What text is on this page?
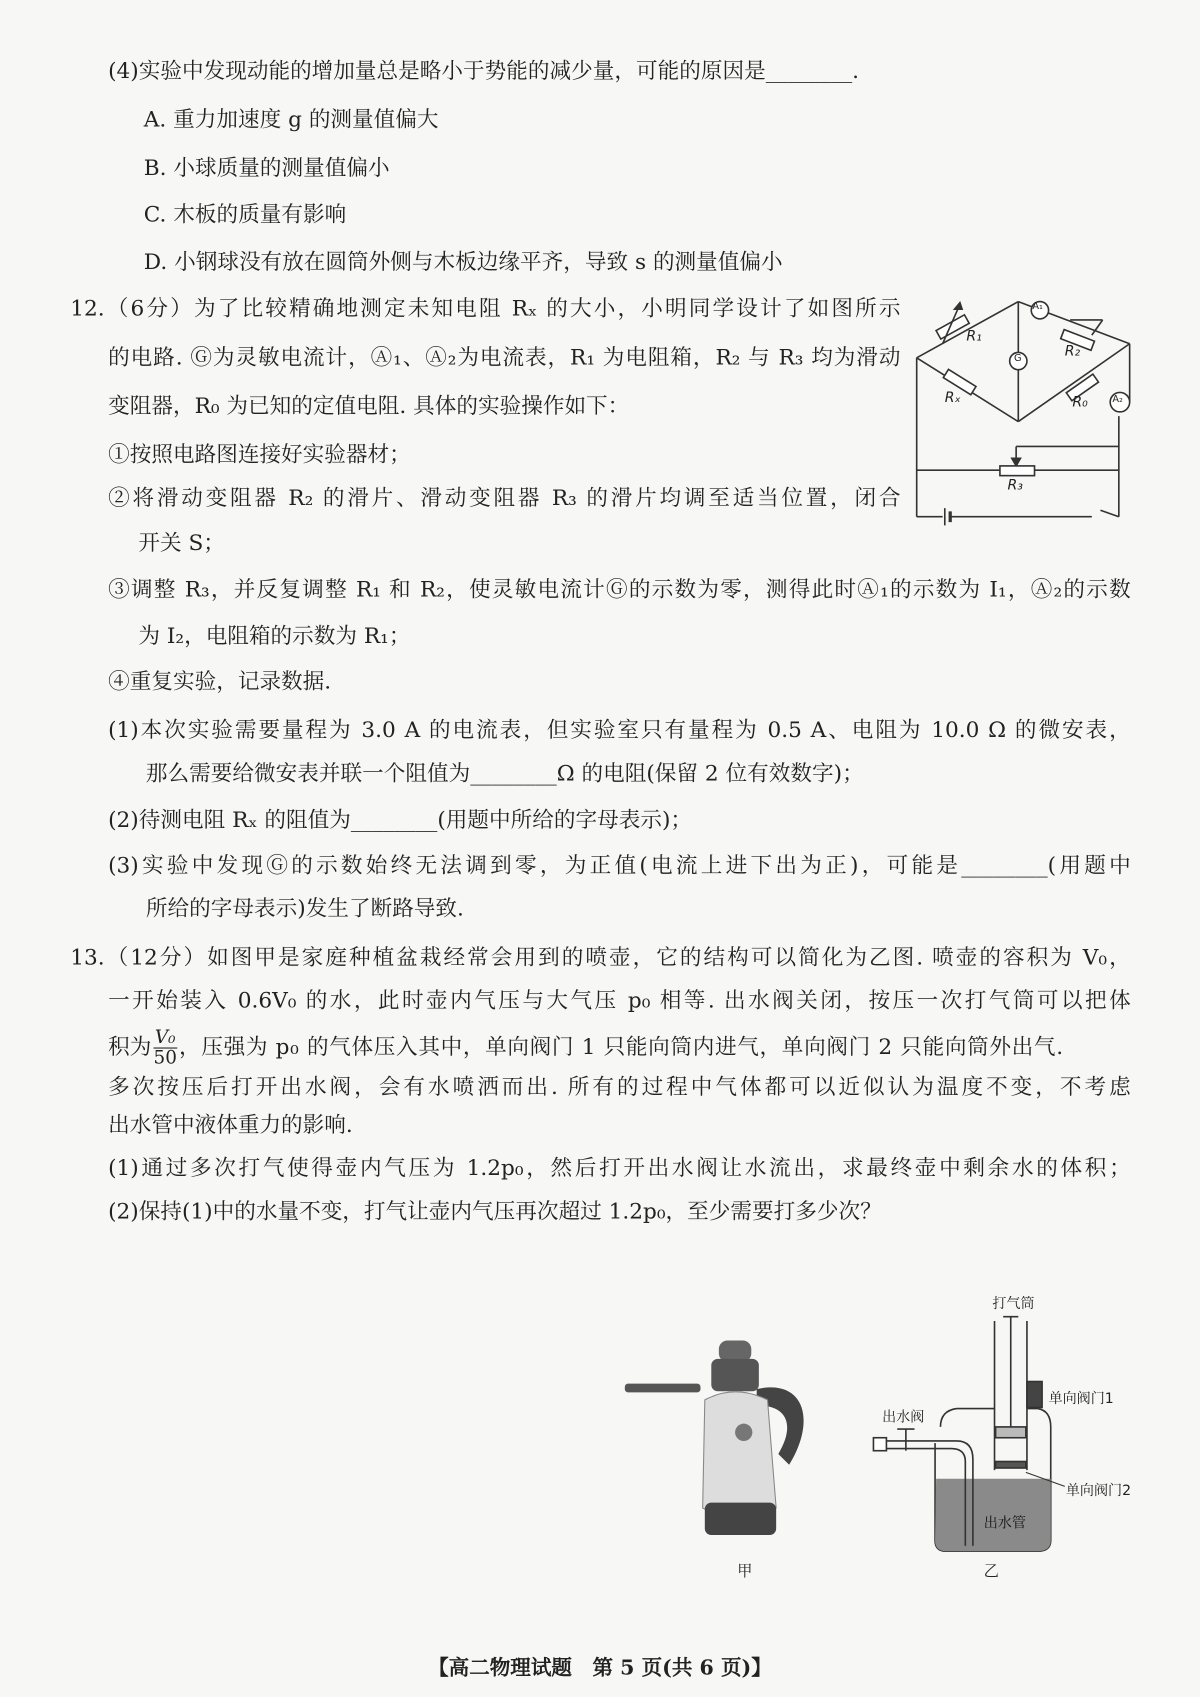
(4)实验中发现动能的增加量总是略小于势能的减少量，可能的原因是________.
A. 重力加速度 g 的测量值偏大
B. 小球质量的测量值偏小
C. 木板的质量有影响
D. 小钢球没有放在圆筒外侧与木板边缘平齐，导致 s 的测量值偏小
12.（6分）为了比较精确地测定未知电阻 Rₓ 的大小，小明同学设计了如图所示
的电路. Ⓖ为灵敏电流计，Ⓐ₁、Ⓐ₂为电流表，R₁ 为电阻箱，R₂ 与 R₃ 均为滑动
变阻器，R₀ 为已知的定值电阻. 具体的实验操作如下：
①按照电路图连接好实验器材；
②将滑动变阻器 R₂ 的滑片、滑动变阻器 R₃ 的滑片均调至适当位置，闭合
开关 S；
③调整 R₃，并反复调整 R₁ 和 R₂，使灵敏电流计Ⓖ的示数为零，测得此时Ⓐ₁的示数为 I₁，Ⓐ₂的示数
为 I₂，电阻箱的示数为 R₁；
④重复实验，记录数据.
(1)本次实验需要量程为 3.0 A 的电流表，但实验室只有量程为 0.5 A、电阻为 10.0 Ω 的微安表，
那么需要给微安表并联一个阻值为________Ω 的电阻(保留 2 位有效数字)；
(2)待测电阻 Rₓ 的阻值为________(用题中所给的字母表示)；
(3)实验中发现Ⓖ的示数始终无法调到零，为正值(电流上进下出为正)，可能是________(用题中
所给的字母表示)发生了断路导致.
R₁
R₂
Rₓ	R₀
R₃
A₁
A₂
G
13.（12分）如图甲是家庭种植盆栽经常会用到的喷壶，它的结构可以简化为乙图. 喷壶的容积为 V₀，
一开始装入 0.6V₀ 的水，此时壶内气压与大气压 p₀ 相等. 出水阀关闭，按压一次打气筒可以把体
积为 $\frac{\text{V₀}}{50}$ ，压强为 p₀ 的气体压入其中，单向阀门 1 只能向筒内进气，单向阀门 2 只能向筒外出气.
多次按压后打开出水阀，会有水喷洒而出. 所有的过程中气体都可以近似认为温度不变，不考虑
出水管中液体重力的影响.
(1)通过多次打气使得壶内气压为 1.2p₀，然后打开出水阀让水流出，求最终壶中剩余水的体积；
(2)保持(1)中的水量不变，打气让壶内气压再次超过 1.2p₀，至少需要打多少次？
甲
打气筒
单向阀门1
出水阀
单向阀门2
出水管
乙
【高二物理试题　第 5 页(共 6 页)】
